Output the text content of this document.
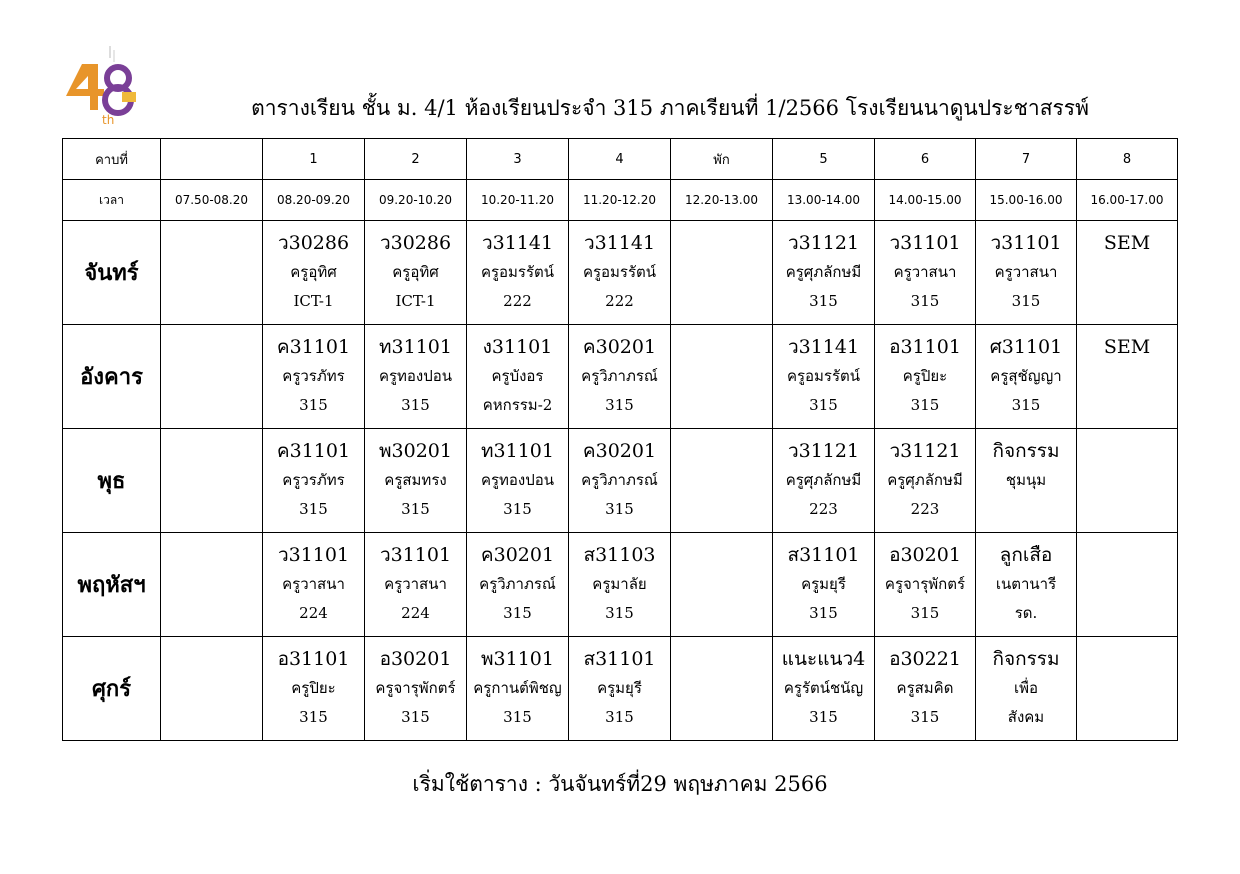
th	ตารางเรียน ชั้น ม. 4/1 ห้องเรียนประจำ 315 ภาคเรียนที่ 1/2566 โรงเรียนนาดูนประชาสรรพ์
คาบที่		1	2	3	4	พัก	5	6	7	8
เวลา	07.50-08.20	08.20-09.20	09.20-10.20	10.20-11.20	11.20-12.20	12.20-13.00	13.00-14.00	14.00-15.00	15.00-16.00	16.00-17.00
จันทร์		ว30286
ครูอุทิศ
ICT-1	ว30286
ครูอุทิศ
ICT-1	ว31141
ครูอมรรัตน์
222	ว31141
ครูอมรรัตน์
222		ว31121
ครูศุภลักษมี
315	ว31101
ครูวาสนา
315	ว31101
ครูวาสนา
315	SEM

อังคาร		ค31101
ครูวรภัทร
315	ท31101
ครูทองปอน
315	ง31101
ครูบังอร
คหกรรม-2	ค30201
ครูวิภาภรณ์
315		ว31141
ครูอมรรัตน์
315	อ31101
ครูปิยะ
315	ศ31101
ครูสุชัญญา
315	SEM

พุธ		ค31101
ครูวรภัทร
315	พ30201
ครูสมทรง
315	ท31101
ครูทองปอน
315	ค30201
ครูวิภาภรณ์
315		ว31121
ครูศุภลักษมี
223	ว31121
ครูศุภลักษมี
223	กิจกรรม
ชุมนุม	

พฤหัสฯ		ว31101
ครูวาสนา
224	ว31101
ครูวาสนา
224	ค30201
ครูวิภาภรณ์
315	ส31103
ครูมาลัย
315		ส31101
ครูมยุรี
315	อ30201
ครูจารุพักตร์
315	ลูกเสือ
เนตานารี
รด.	

ศุกร์		อ31101
ครูปิยะ
315	อ30201
ครูจารุพักตร์
315	พ31101
ครูกานต์พิชญ
315	ส31101
ครูมยุรี
315		แนะแนว4
ครูรัตน์ชนัญ
315	อ30221
ครูสมคิด
315	กิจกรรม
เพื่อ
สังคม	

เริ่มใช้ตาราง : วันจันทร์ที่29 พฤษภาคม 2566
